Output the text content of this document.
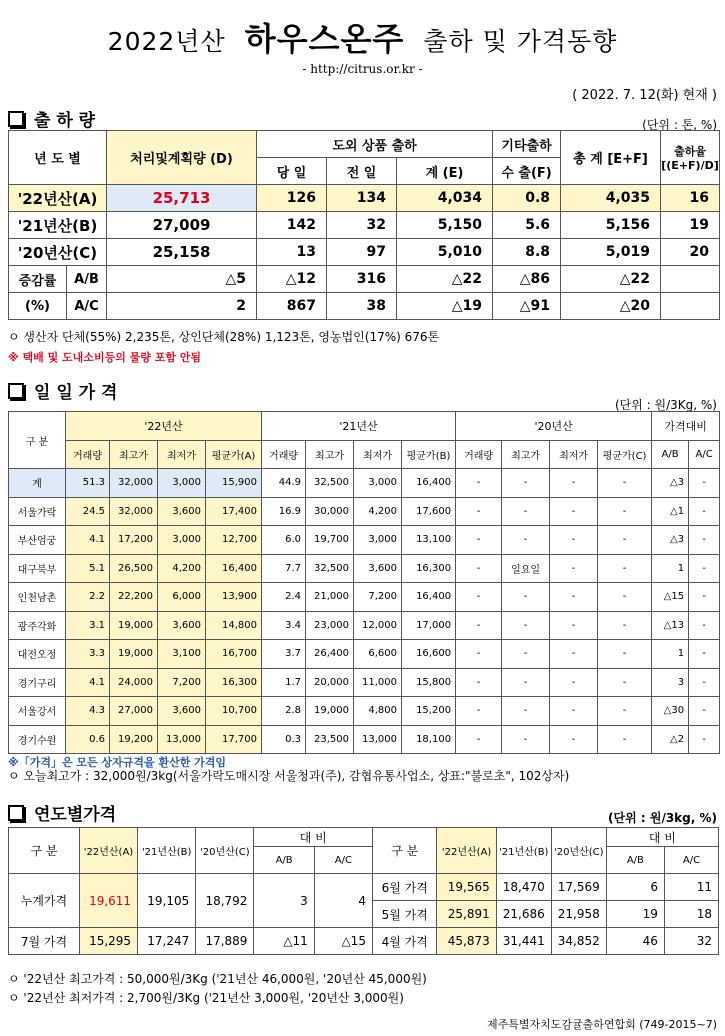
2022년산 하우스온주 출하 및 가격동향
- http://citrus.or.kr -
( 2022. 7. 12(화) 현재 )
출 하 량	(단위 : 톤, %)
년 도 별		처리및계획량 (D)	도외 상품 출하			기타출하	총 계 [E+F]	출하율 [(E+F)/D]
			당 일	전 일	계 (E)	수 출(F)		
'22년산(A)		25,713	126	134	4,034	0.8	4,035	16
'21년산(B)		27,009	142	32	5,150	5.6	5,156	19
'20년산(C)		25,158	13	97	5,010	8.8	5,019	20
증감률	A/B	△5	△12	316	△22	△86	△22	
(%)	A/C	2	867	38	△19	△91	△20	
ㅇ 생산자 단체(55%) 2,235톤, 상인단체(28%) 1,123톤, 영농법인(17%) 676톤
※ 택배 및 도내소비등의 물량 포함 안됨
일 일 가 격
(단위 : 원/3Kg, %)
구 분	'22년산				'21년산				'20년산				가격대비	
	거래량	최고가	최저가	평균가(A)	거래량	최고가	최저가	평균가(B)	거래량	최고가	최저가	평균가(C)	A/B	A/C
계	51.3	32,000	3,000	15,900	44.9	32,500	3,000	16,400	-	-	-	-	△3	-
서울가락	24.5	32,000	3,600	17,400	16.9	30,000	4,200	17,600	-	-	-	-	△1	-
부산엄궁	4.1	17,200	3,000	12,700	6.0	19,700	3,000	13,100	-	-	-	-	△3	-
대구북부	5.1	26,500	4,200	16,400	7.7	32,500	3,600	16,300	-	일요일	-	-	1	-
인천남촌	2.2	22,200	6,000	13,900	2.4	21,000	7,200	16,400	-	-	-	-	△15	-
광주각화	3.1	19,000	3,600	14,800	3.4	23,000	12,000	17,000	-	-	-	-	△13	-
대전오정	3.3	19,000	3,100	16,700	3.7	26,400	6,600	16,600	-	-	-	-	1	-
경기구리	4.1	24,000	7,200	16,300	1.7	20,000	11,000	15,800	-	-	-	-	3	-
서울강서	4.3	27,000	3,600	10,700	2.8	19,000	4,800	15,200	-	-	-	-	△30	-
경기수원	0.6	19,200	13,000	17,700	0.3	23,500	13,000	18,100	-	-	-	-	△2	-
※「가격」은 모든 상자규격을 환산한 가격임
ㅇ 오늘최고가 : 32,000원/3kg(서울가락도매시장 서울청과(주), 감협유통사업소, 상표:"불로초", 102상자)
연도별가격	(단위 : 원/3kg, %)
구 분	'22년산(A)	'21년산(B)	'20년산(C)	대 비		구 분	'22년산(A)	'21년산(B)	'20년산(C)	대 비	
				A/B	A/C					A/B	A/C
누계가격	19,611	19,105	18,792	3	4	6월 가격	19,565	18,470	17,569	6	11
						5월 가격	25,891	21,686	21,958	19	18
7월 가격	15,295	17,247	17,889	△11	△15	4월 가격	45,873	31,441	34,852	46	32
ㅇ '22년산 최고가격 : 50,000원/3Kg ('21년산 46,000원, '20년산 45,000원)
ㅇ '22년산 최저가격 : 2,700원/3Kg ('21년산 3,000원, '20년산 3,000원)
제주특별자치도감귤출하연합회 (749-2015~7)
